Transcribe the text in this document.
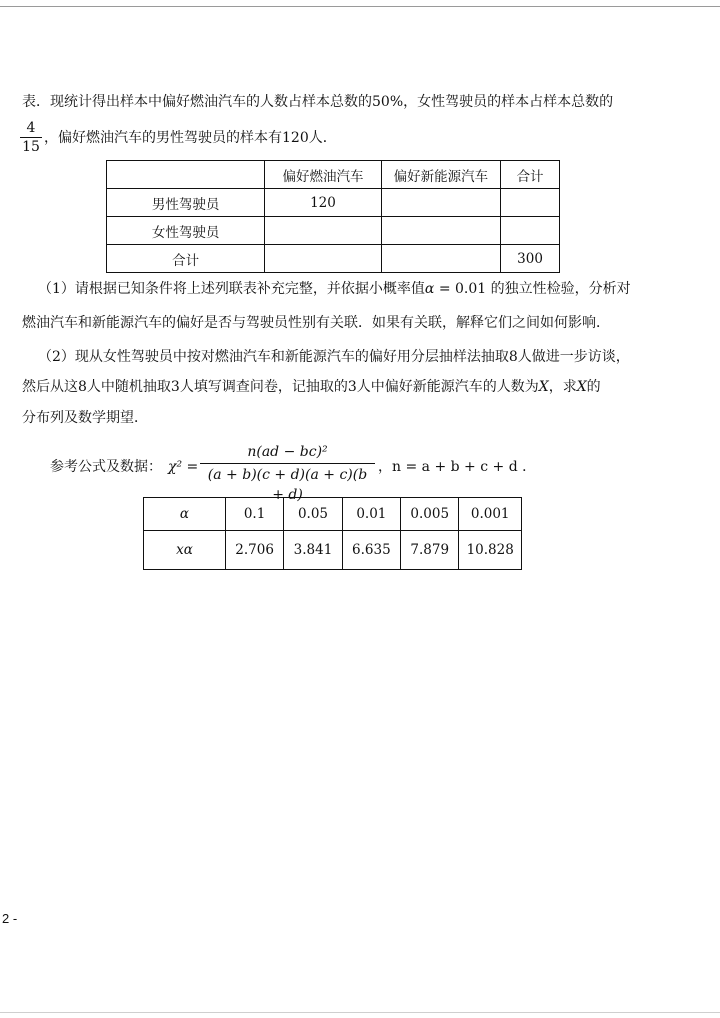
表．现统计得出样本中偏好燃油汽车的人数占样本总数的50%，女性驾驶员的样本占样本总数的
4
15
，偏好燃油汽车的男性驾驶员的样本有120人．
	偏好燃油汽车	偏好新能源汽车	合计
男性驾驶员	120		
女性驾驶员			
合计			300
（1）请根据已知条件将上述列联表补充完整，并依据小概率值α = 0.01 的独立性检验，分析对
燃油汽车和新能源汽车的偏好是否与驾驶员性别有关联．如果有关联，解释它们之间如何影响．
（2）现从女性驾驶员中按对燃油汽车和新能源汽车的偏好用分层抽样法抽取8人做进一步访谈，
然后从这8人中随机抽取3人填写调查问卷，记抽取的3人中偏好新能源汽车的人数为X，求X的
分布列及数学期望．
参考公式及数据： χ² =
n(ad − bc)²
(a + b)(c + d)(a + c)(b + d)
，n = a + b + c + d ．
α	0.1	0.05	0.01	0.005	0.001
xα	2.706	3.841	6.635	7.879	10.828
2 -
